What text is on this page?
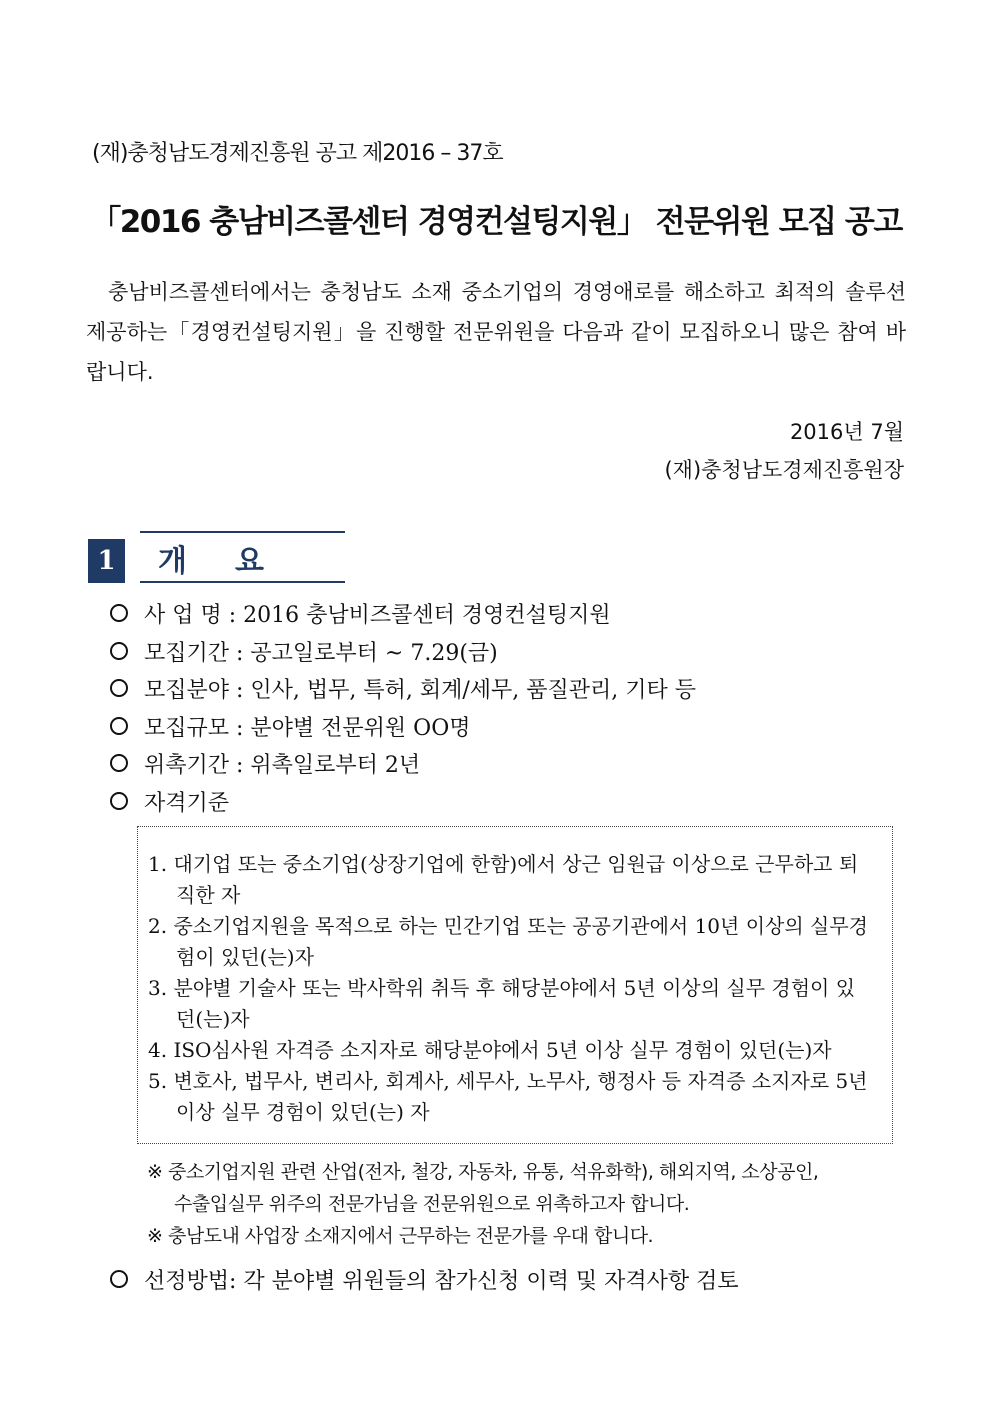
(재)충청남도경제진흥원 공고 제2016 – 37호
「2016 충남비즈콜센터 경영컨설팅지원」 전문위원 모집 공고
충남비즈콜센터에서는 충청남도 소재 중소기업의 경영애로를 해소하고 최적의 솔루션 제공하는「경영컨설팅지원」을 진행할 전문위원을 다음과 같이 모집하오니 많은 참여 바랍니다.
2016년 7월
(재)충청남도경제진흥원장
1	개요
사 업 명 : 2016 충남비즈콜센터 경영컨설팅지원
모집기간 : 공고일로부터 ~ 7.29(금)
모집분야 : 인사, 법무, 특허, 회계/세무, 품질관리, 기타 등
모집규모 : 분야별 전문위원 OO명
위촉기간 : 위촉일로부터 2년
자격기준
1. 대기업 또는 중소기업(상장기업에 한함)에서 상근 임원급 이상으로 근무하고 퇴직한 자
2. 중소기업지원을 목적으로 하는 민간기업 또는 공공기관에서 10년 이상의 실무경험이 있던(는)자
3. 분야별 기술사 또는 박사학위 취득 후 해당분야에서 5년 이상의 실무 경험이 있던(는)자
4. ISO심사원 자격증 소지자로 해당분야에서 5년 이상 실무 경험이 있던(는)자
5. 변호사, 법무사, 변리사, 회계사, 세무사, 노무사, 행정사 등 자격증 소지자로 5년 이상 실무 경험이 있던(는) 자
※ 중소기업지원 관련 산업(전자, 철강, 자동차, 유통, 석유화학), 해외지역, 소상공인,
수출입실무 위주의 전문가님을 전문위원으로 위촉하고자 합니다.
※ 충남도내 사업장 소재지에서 근무하는 전문가를 우대 합니다.
선정방법: 각 분야별 위원들의 참가신청 이력 및 자격사항 검토
